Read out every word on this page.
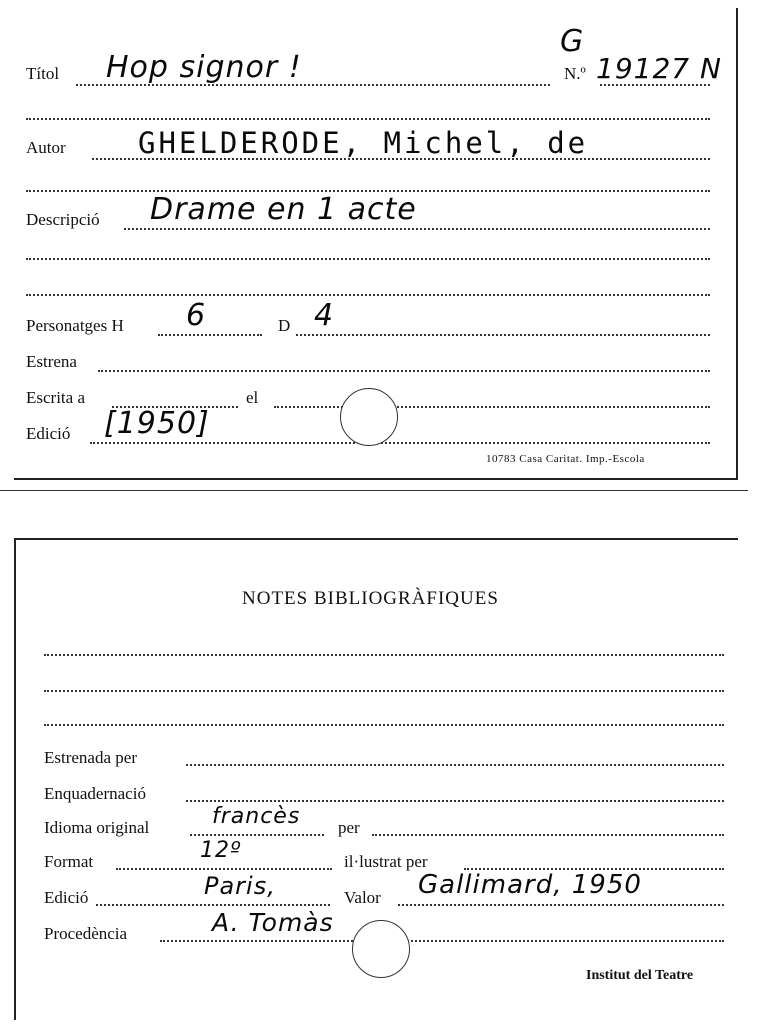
G
Títol Hop signor !	N.º 19127 N
Autor GHELDERODE, Michel, de
Descripció Drame en 1 acte
Personatges H 6	D 4
Estrena
Escrita a	el
Edició [1950]
10783 Casa Caritat. Imp.-Escola
NOTES BIBLIOGRÀFIQUES
Estrenada per
Enquadernació
Idioma original	francès per
Format	12º	il·lustrat per
Edició	Paris,	Valor Gallimard, 1950
Procedència	A. Tomàs
Institut del Teatre
